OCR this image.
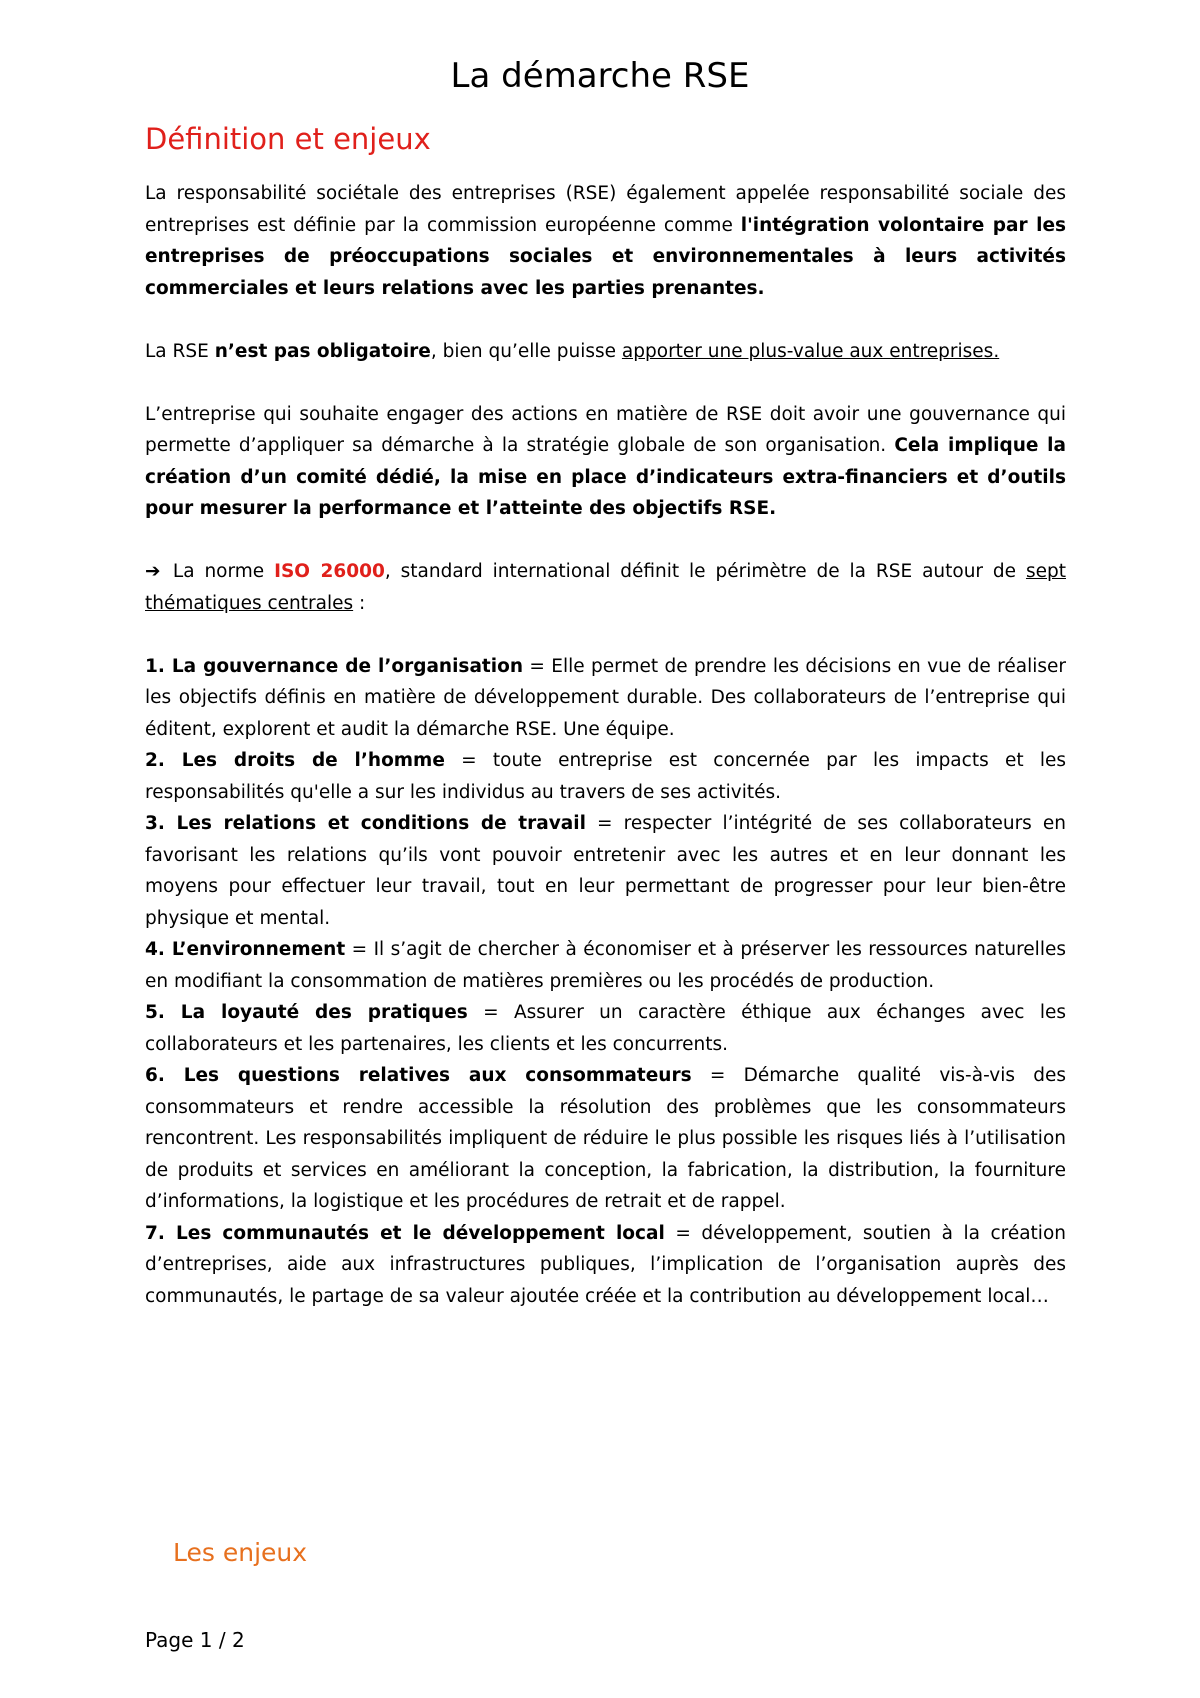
La démarche RSE
Définition et enjeux

La responsabilité sociétale des entreprises (RSE) également appelée responsabilité sociale des entreprises est définie par la commission européenne comme l'intégration volontaire par les entreprises de préoccupations sociales et environnementales à leurs activités commerciales et leurs relations avec les parties prenantes.

La RSE n’est pas obligatoire, bien qu’elle puisse apporter une plus-value aux entreprises.

L’entreprise qui souhaite engager des actions en matière de RSE doit avoir une gouvernance qui permette d’appliquer sa démarche à la stratégie globale de son organisation. Cela implique la création d’un comité dédié, la mise en place d’indicateurs extra-financiers et d’outils pour mesurer la performance et l’atteinte des objectifs RSE.

➔ La norme ISO 26000, standard international définit le périmètre de la RSE autour de sept thématiques centrales :

1. La gouvernance de l’organisation = Elle permet de prendre les décisions en vue de réaliser les objectifs définis en matière de développement durable. Des collaborateurs de l’entreprise qui éditent, explorent et audit la démarche RSE. Une équipe.

2. Les droits de l’homme = toute entreprise est concernée par les impacts et les responsabilités qu'elle a sur les individus au travers de ses activités.

3. Les relations et conditions de travail = respecter l’intégrité de ses collaborateurs en favorisant les relations qu’ils vont pouvoir entretenir avec les autres et en leur donnant les moyens pour effectuer leur travail, tout en leur permettant de progresser pour leur bien-être physique et mental.

4. L’environnement = Il s’agit de chercher à économiser et à préserver les ressources naturelles en modifiant la consommation de matières premières ou les procédés de production.

5. La loyauté des pratiques = Assurer un caractère éthique aux échanges avec les collaborateurs et les partenaires, les clients et les concurrents.

6. Les questions relatives aux consommateurs = Démarche qualité vis-à-vis des consommateurs et rendre accessible la résolution des problèmes que les consommateurs rencontrent. Les responsabilités impliquent de réduire le plus possible les risques liés à l’utilisation de produits et services en améliorant la conception, la fabrication, la distribution, la fourniture d’informations, la logistique et les procédures de retrait et de rappel.

7. Les communautés et le développement local = développement, soutien à la création d’entreprises, aide aux infrastructures publiques, l’implication de l’organisation auprès des communautés, le partage de sa valeur ajoutée créée et la contribution au développement local…

Les enjeux
Page 1 / 2
